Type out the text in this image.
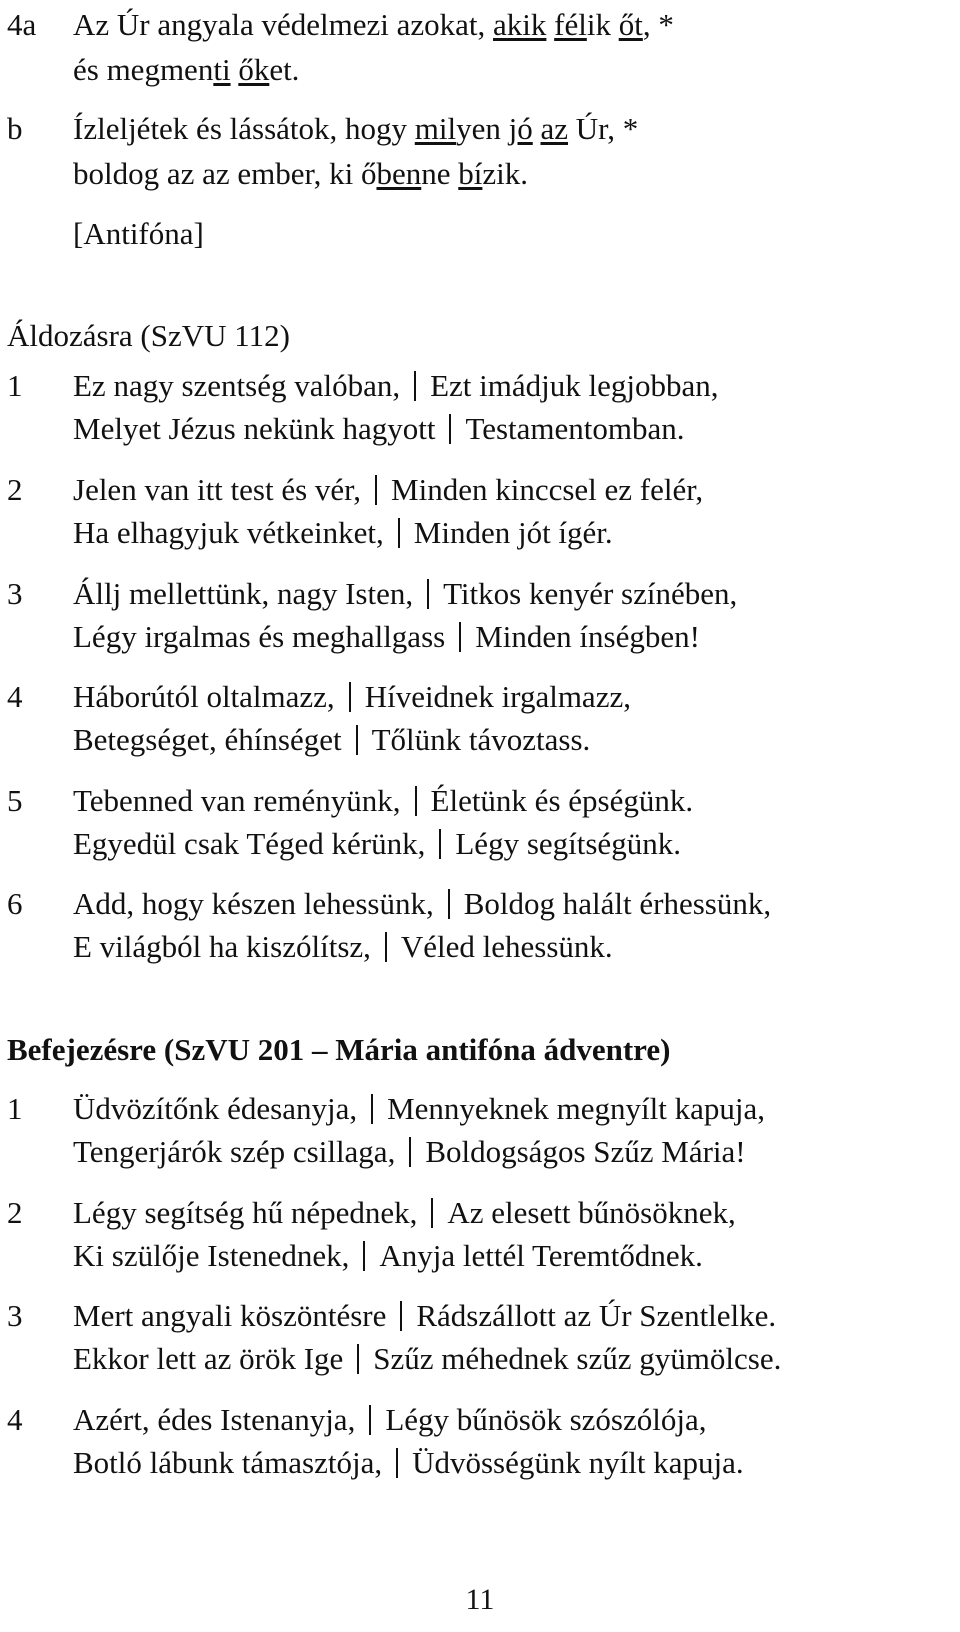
4a Az Úr angyala védelmezi azokat, akik félik őt, *
és megmenti őket.
b Ízleljétek és lássátok, hogy milyen jó az Úr, *
boldog az az ember, ki őbenne bízik.
[Antifóna]
Áldozásra (SzVU 112)
1 Ez nagy szentség valóban, Ezt imádjuk legjobban,
Melyet Jézus nekünk hagyott Testamentomban.
2 Jelen van itt test és vér, Minden kinccsel ez felér,
Ha elhagyjuk vétkeinket, Minden jót ígér.
3 Állj mellettünk, nagy Isten, Titkos kenyér színében,
Légy irgalmas és meghallgass Minden ínségben!
4 Háborútól oltalmazz, Híveidnek irgalmazz,
Betegséget, éhínséget Tőlünk távoztass.
5 Tebenned van reményünk, Életünk és épségünk.
Egyedül csak Téged kérünk, Légy segítségünk.
6 Add, hogy készen lehessünk, Boldog halált érhessünk,
E világból ha kiszólítsz, Véled lehessünk.
Befejezésre (SzVU 201 – Mária antifóna ádventre)
1 Üdvözítőnk édesanyja, Mennyeknek megnyílt kapuja,
Tengerjárók szép csillaga, Boldogságos Szűz Mária!
2 Légy segítség hű népednek, Az elesett bűnösöknek,
Ki szülője Istenednek, Anyja lettél Teremtődnek.
3 Mert angyali köszöntésre Rádszállott az Úr Szentlelke.
Ekkor lett az örök Ige Szűz méhednek szűz gyümölcse.
4 Azért, édes Istenanyja, Légy bűnösök szószólója,
Botló lábunk támasztója, Üdvösségünk nyílt kapuja.
11
